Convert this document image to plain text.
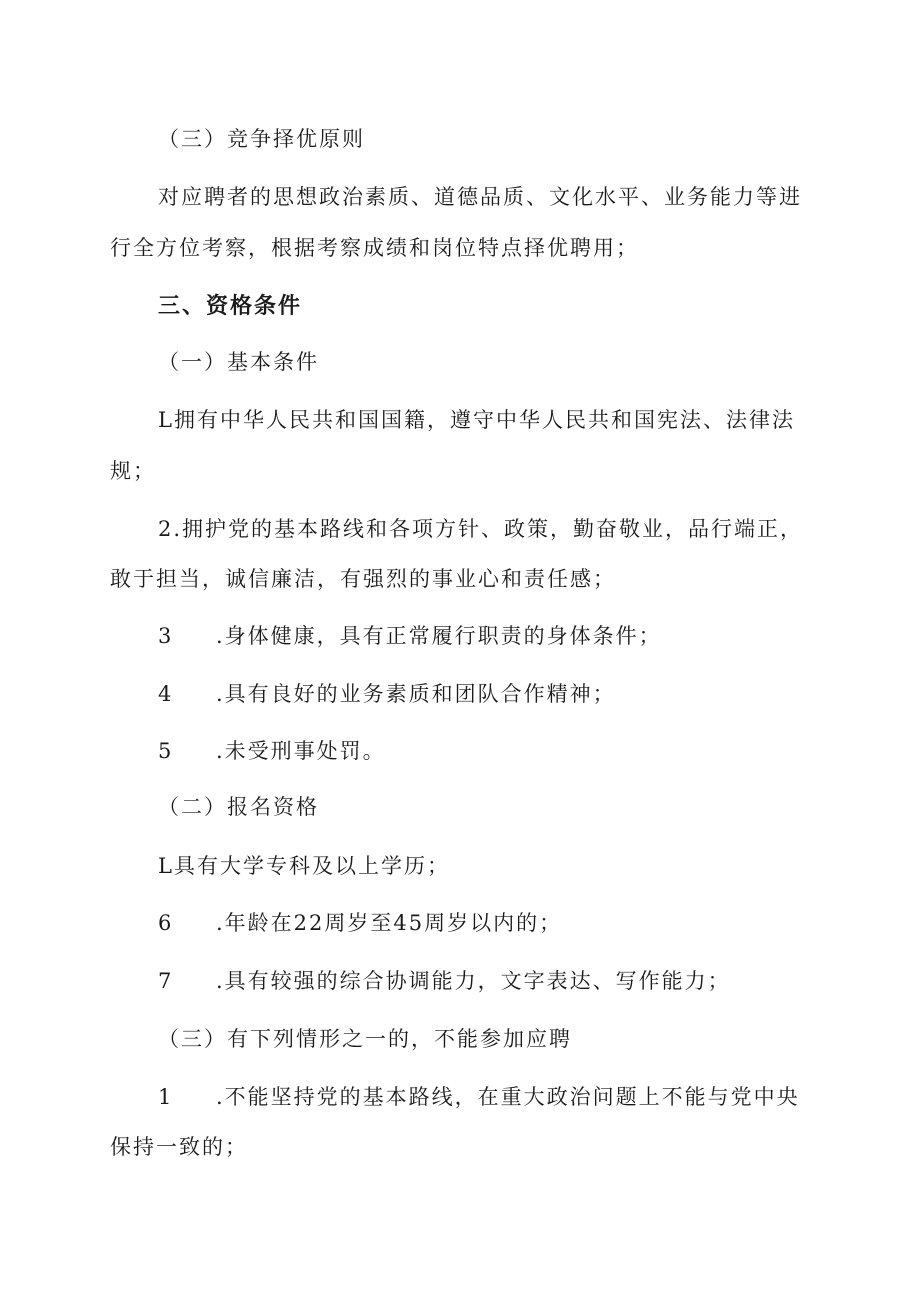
（三）竞争择优原则
对应聘者的思想政治素质、道德品质、文化水平、业务能力等进
行全方位考察，根据考察成绩和岗位特点择优聘用；
三、资格条件
（一）基本条件
L拥有中华人民共和国国籍，遵守中华人民共和国宪法、法律法
规；
2.拥护党的基本路线和各项方针、政策，勤奋敬业，品行端正，
敢于担当，诚信廉洁，有强烈的事业心和责任感；
3 .身体健康，具有正常履行职责的身体条件；
4 .具有良好的业务素质和团队合作精神；
5 .未受刑事处罚。
（二）报名资格
L具有大学专科及以上学历；
6 .年龄在22周岁至45周岁以内的；
7 .具有较强的综合协调能力，文字表达、写作能力；
（三）有下列情形之一的，不能参加应聘
1 .不能坚持党的基本路线，在重大政治问题上不能与党中央
保持一致的；
